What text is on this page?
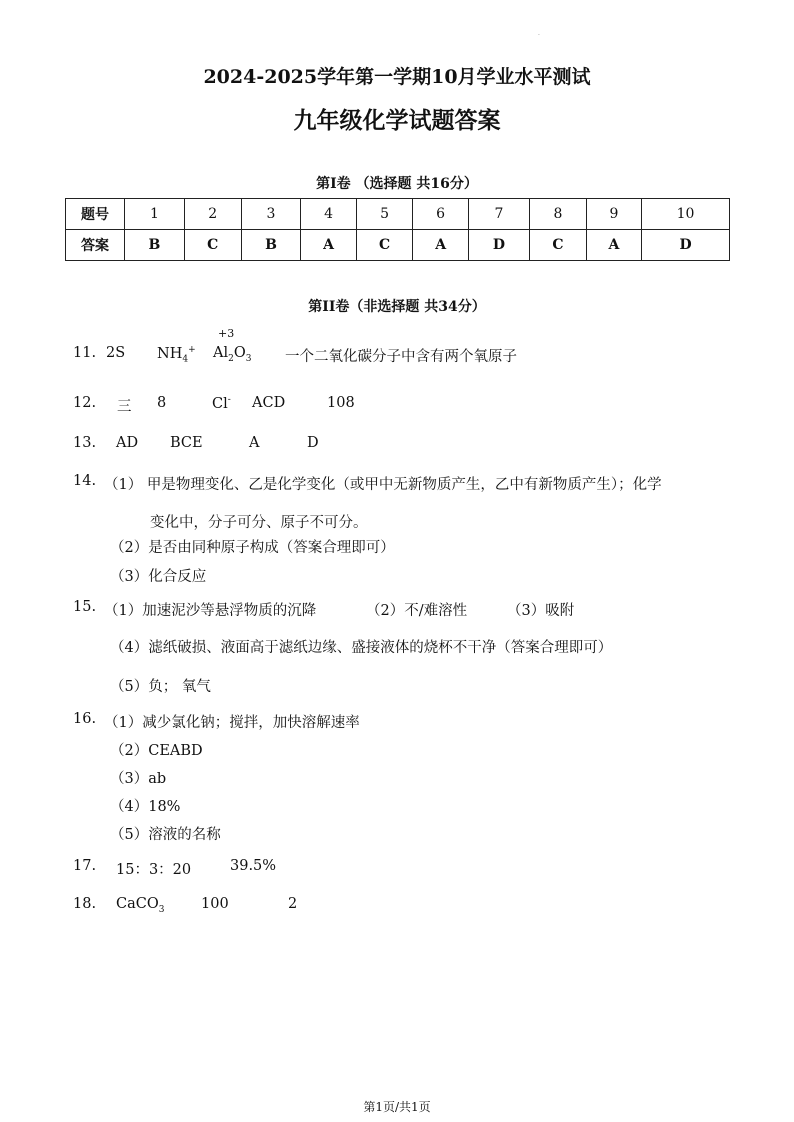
·
2024-2025学年第一学期10月学业水平测试
九年级化学试题答案
第Ⅰ卷 （选择题 共16分）
题号	1	2	3	4	5	6	7	8	9	10
答案	B	C	B	A	C	A	D	C	A	D
第II卷（非选择题 共34分）
11. 2S $NH_4^+$
+3
$Al_2O_3$ 一个二氧化碳分子中含有两个氧原子
12. 三 8	Cl- ACD	108
13. AD BCE	A	D
14. （1） 甲是物理变化、乙是化学变化（或甲中无新物质产生，乙中有新物质产生）；化学
变化中，分子可分、原子不可分。
（2）是否由同种原子构成（答案合理即可）
（3）化合反应
15. （1）加速泥沙等悬浮物质的沉降	（2）不/难溶性	（3）吸附
（4）滤纸破损、液面高于滤纸边缘、盛接液体的烧杯不干净（答案合理即可）
（5）负； 氧气
16. （1）减少氯化钠；搅拌，加快溶解速率
（2）CEABD
（3）ab
（4）18%
（5）溶液的名称
17. 15：3：20	39.5%
18. CaCO$_3$	100	2
第1页/共1页
